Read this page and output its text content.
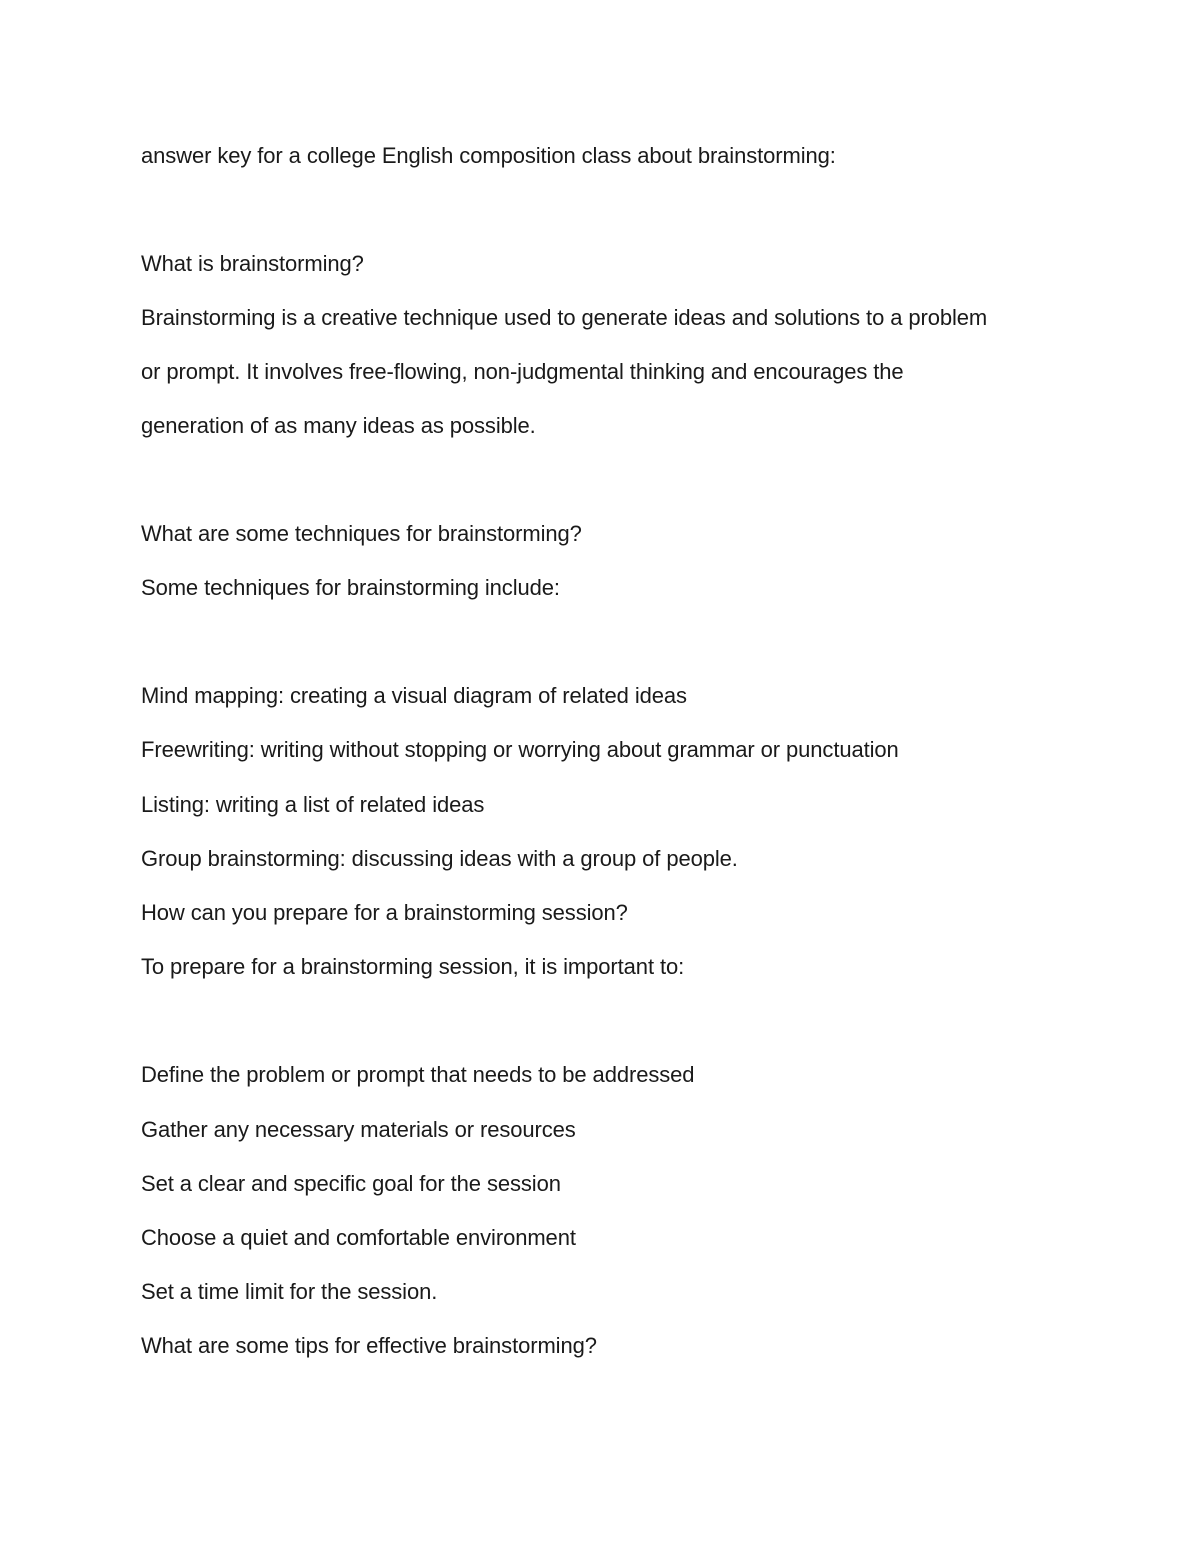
answer key for a college English composition class about brainstorming:
What is brainstorming?
Brainstorming is a creative technique used to generate ideas and solutions to a problem
or prompt. It involves free-flowing, non-judgmental thinking and encourages the
generation of as many ideas as possible.
What are some techniques for brainstorming?
Some techniques for brainstorming include:
Mind mapping: creating a visual diagram of related ideas
Freewriting: writing without stopping or worrying about grammar or punctuation
Listing: writing a list of related ideas
Group brainstorming: discussing ideas with a group of people.
How can you prepare for a brainstorming session?
To prepare for a brainstorming session, it is important to:
Define the problem or prompt that needs to be addressed
Gather any necessary materials or resources
Set a clear and specific goal for the session
Choose a quiet and comfortable environment
Set a time limit for the session.
What are some tips for effective brainstorming?
